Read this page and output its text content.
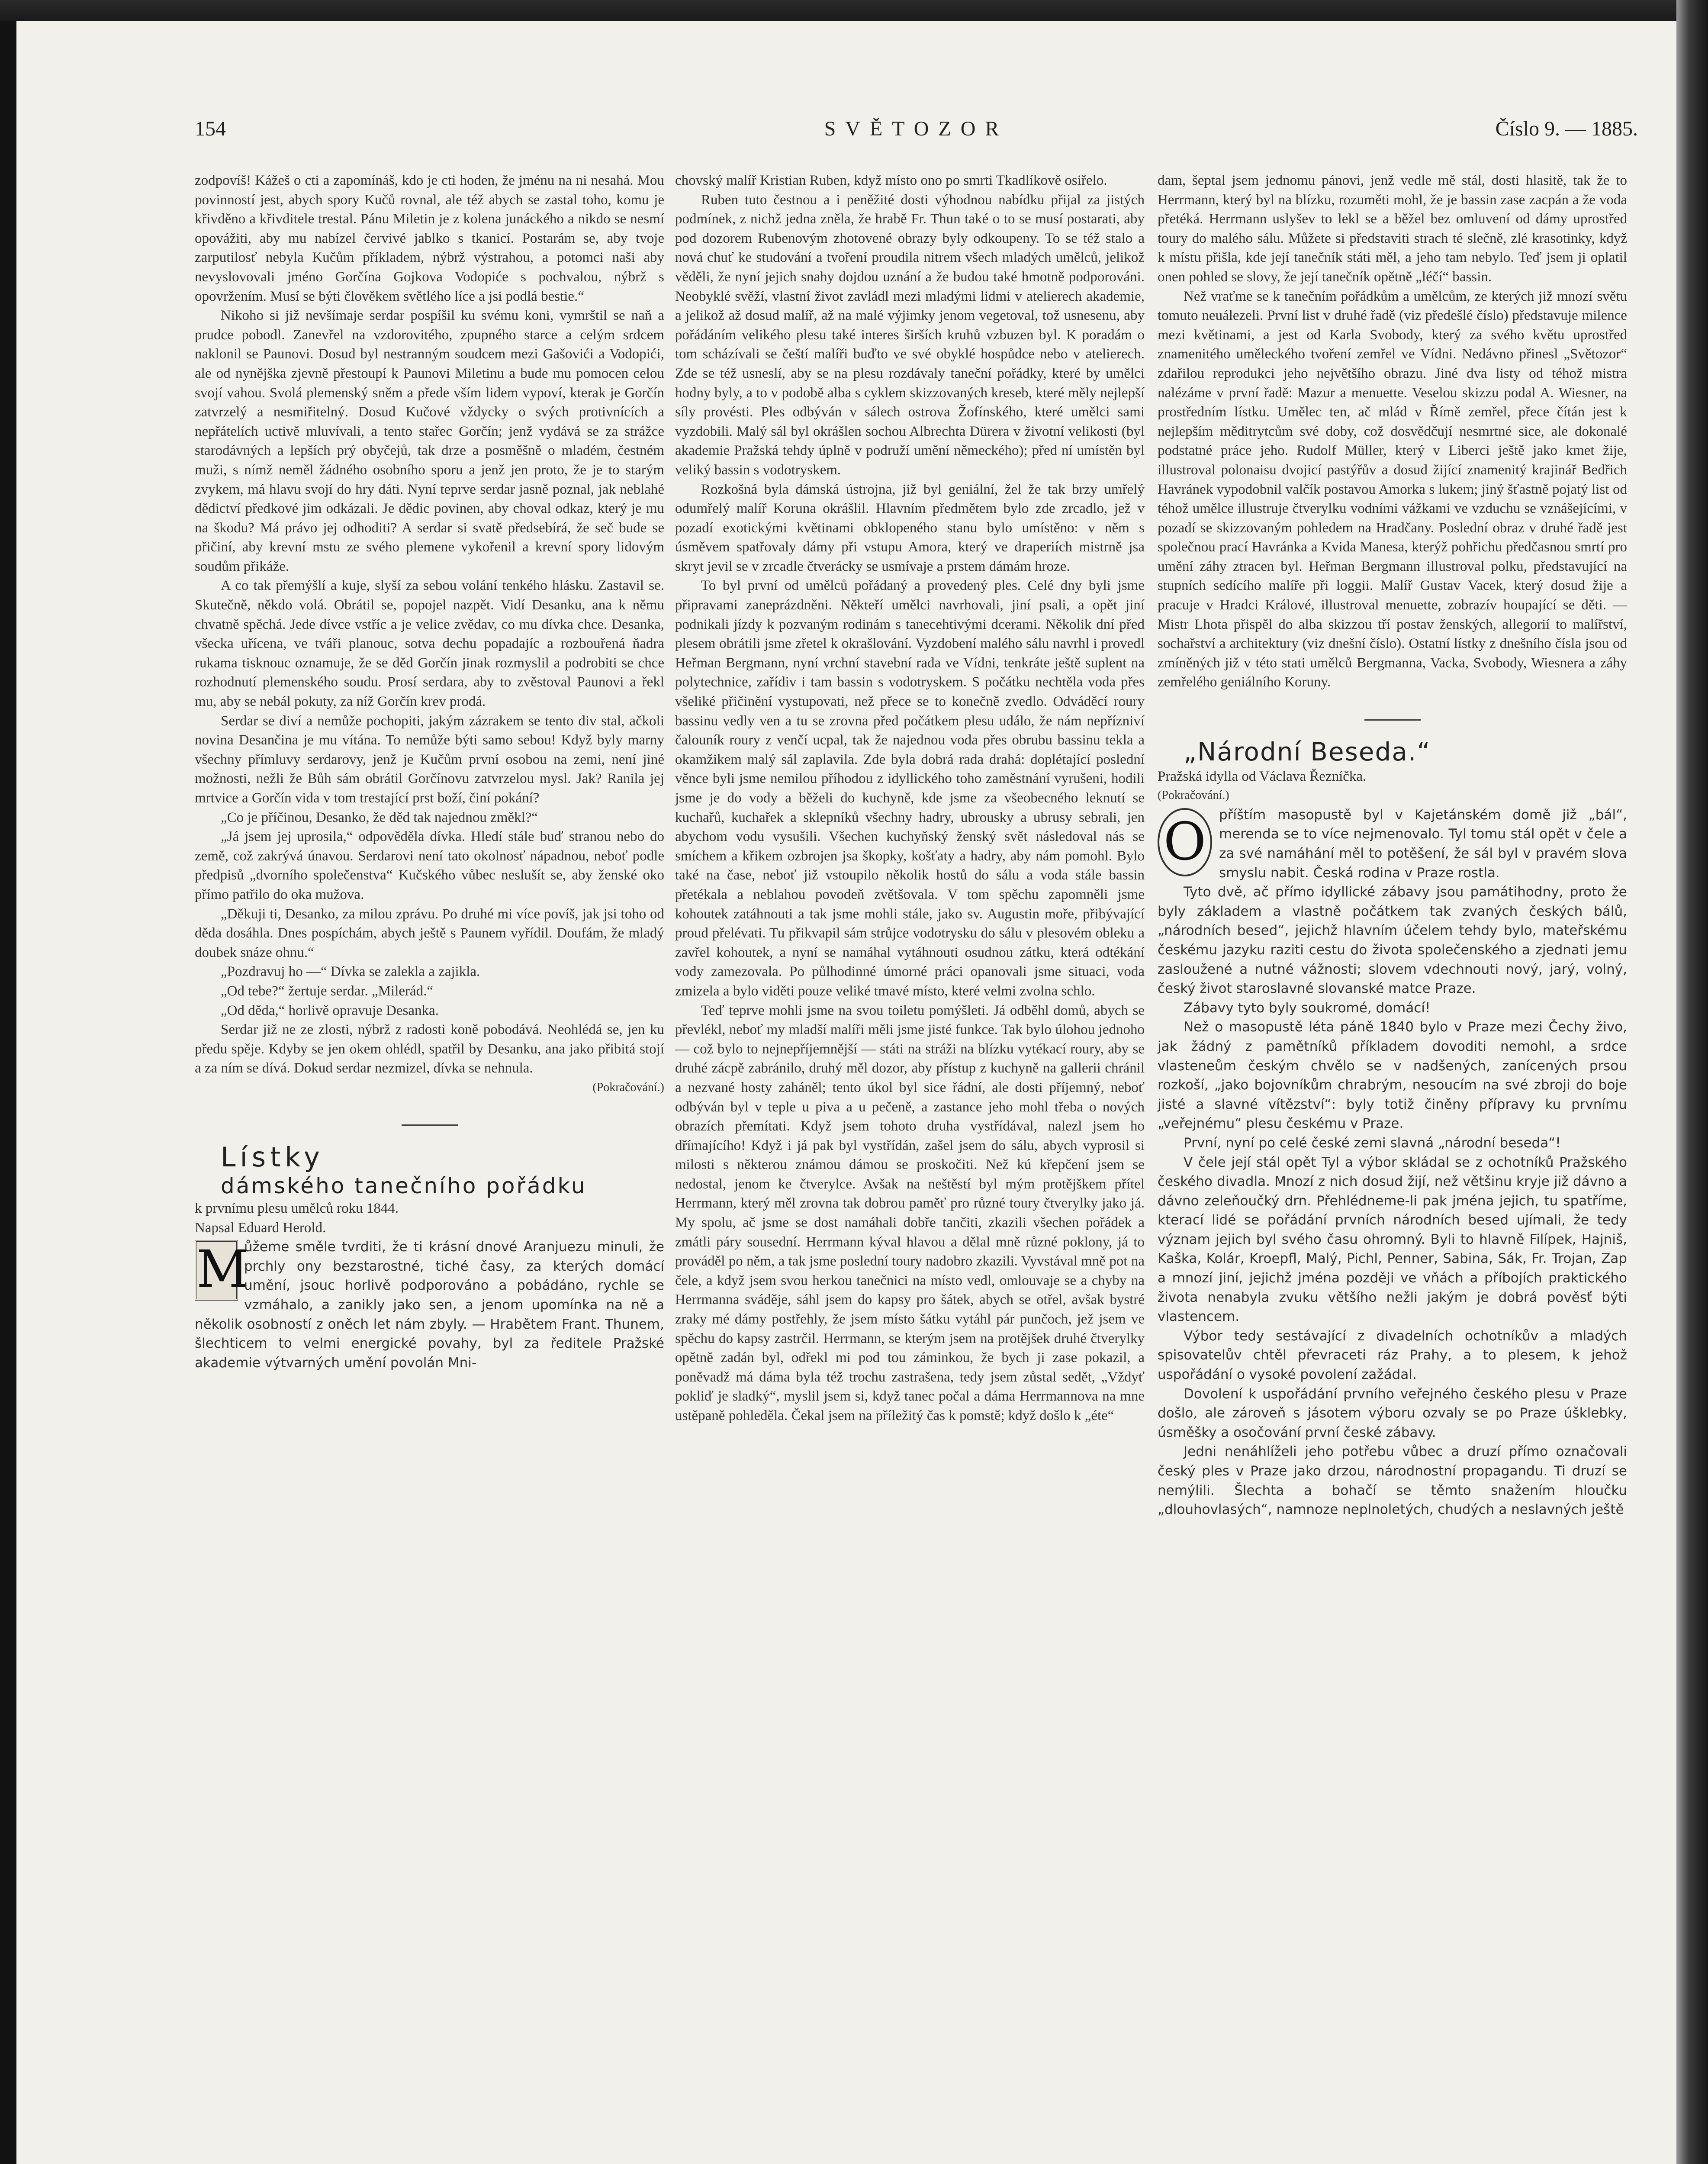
154	SVĚTOZOR	Číslo 9. — 1885.

zodpovíš! Kážeš o cti a zapomínáš, kdo je cti hoden, že jménu na ni nesahá. Mou povinností jest, abych spory Kučů rovnal, ale též abych se zastal toho, komu je křivděno a křivditele trestal. Pánu Miletin je z kolena junáckého a nikdo se nesmí opovážiti, aby mu nabízel červivé jablko s tkanicí. Postarám se, aby tvoje zarputilosť nebyla Kučům příkladem, nýbrž výstrahou, a potomci naši aby nevyslovovali jméno Gorčína Gojkova Vodopiće s pochvalou, nýbrž s opovržením. Musí se býti člověkem světlého líce a jsi podlá bestie.“

Nikoho si již nevšímaje serdar pospíšil ku svému koni, vymrštil se naň a prudce pobodl. Zanevřel na vzdorovitého, zpupného starce a celým srdcem naklonil se Paunovi. Dosud byl nestranným soudcem mezi Gašovići a Vodopići, ale od nynějška zjevně přestoupí k Paunovi Miletinu a bude mu pomocen celou svojí vahou. Svolá plemenský sněm a přede vším lidem vypoví, kterak je Gorčín zatvrzelý a nesmiřitelný. Dosud Kučové vždycky o svých protivnících a nepřátelích uctivě mluvívali, a tento stařec Gorčín; jenž vydává se za strážce starodávných a lepších prý obyčejů, tak drze a posměšně o mladém, čestném muži, s nímž neměl žádného osobního sporu a jenž jen proto, že je to starým zvykem, má hlavu svojí do hry dáti. Nyní teprve serdar jasně poznal, jak neblahé dědictví předkové jim odkázali. Je dědic povinen, aby choval odkaz, který je mu na škodu? Má právo jej odhoditi? A serdar si svatě předsebírá, že seč bude se přičiní, aby krevní mstu ze svého plemene vykořenil a krevní spory lidovým soudům přikáže.

A co tak přemýšlí a kuje, slyší za sebou volání tenkého hlásku. Zastavil se. Skutečně, někdo volá. Obrátil se, popojel nazpět. Vidí Desanku, ana k němu chvatně spěchá. Jede dívce vstříc a je velice zvědav, co mu dívka chce. Desanka, všecka uřícena, ve tváři planouc, sotva dechu popadajíc a rozbouřená ňadra rukama tisknouc oznamuje, že se děd Gorčín jinak rozmyslil a podrobiti se chce rozhodnutí plemenského soudu. Prosí serdara, aby to zvěstoval Paunovi a řekl mu, aby se nebál pokuty, za níž Gorčín krev prodá.

Serdar se diví a nemůže pochopiti, jakým zázrakem se tento div stal, ačkoli novina Desančina je mu vítána. To nemůže býti samo sebou! Když byly marny všechny přímluvy serdarovy, jenž je Kučům první osobou na zemi, není jiné možnosti, nežli že Bůh sám obrátil Gorčínovu zatvrzelou mysl. Jak? Ranila jej mrtvice a Gorčín vida v tom trestající prst boží, činí pokání?

„Co je příčinou, Desanko, že děd tak najednou změkl?“

„Já jsem jej uprosila,“ odpověděla dívka. Hledí stále buď stranou nebo do země, což zakrývá únavou. Serdarovi není tato okolnosť nápadnou, neboť podle předpisů „dvorního společenstva“ Kučského vůbec neslušít se, aby ženské oko přímo patřilo do oka mužova.

„Děkuji ti, Desanko, za milou zprávu. Po druhé mi více povíš, jak jsi toho od děda dosáhla. Dnes pospíchám, abych ještě s Paunem vyřídil. Doufám, že mladý doubek snáze ohnu.“

„Pozdravuj ho —“ Dívka se zalekla a zajikla.

„Od tebe?“ žertuje serdar. „Milerád.“

„Od děda,“ horlivě opravuje Desanka.

Serdar již ne ze zlosti, nýbrž z radosti koně pobodává. Neohlédá se, jen ku předu spěje. Kdyby se jen okem ohlédl, spatřil by Desanku, ana jako přibitá stojí a za ním se dívá. Dokud serdar nezmizel, dívka se nehnula.

(Pokračování.)

Lístky

dámského tanečního pořádku

k prvnímu plesu umělců roku 1844.

Napsal Eduard Herold.

M

ůžeme směle tvrditi, že ti krásní dnové Aranjuezu minuli, že prchly ony bezstarostné, tiché časy, za kterých domácí umění, jsouc horlivě podporováno a pobádáno, rychle se vzmáhalo, a zanikly jako sen, a jenom upomínka na ně a několik osobností z oněch let nám zbyly. — Hrabětem Frant. Thunem, šlechticem to velmi energické povahy, byl za ředitele Pražské akademie výtvarných umění povolán Mni-

chovský malíř Kristian Ruben, když místo ono po smrti Tkadlíkově osiřelo.

Ruben tuto čestnou a i peněžité dosti výhodnou nabídku přijal za jistých podmínek, z nichž jedna zněla, že hrabě Fr. Thun také o to se musí postarati, aby pod dozorem Rubenovým zhotovené obrazy byly odkoupeny. To se též stalo a nová chuť ke studování a tvoření proudila nitrem všech mladých umělců, jelikož věděli, že nyní jejich snahy dojdou uznání a že budou také hmotně podporováni. Neobyklé svěží, vlastní život zavládl mezi mladými lidmi v atelierech akademie, a jelikož až dosud malíř, až na malé výjimky jenom vegetoval, tož usnesenu, aby pořádáním velikého plesu také interes širších kruhů vzbuzen byl. K poradám o tom scházívali se čeští malíři buďto ve své obyklé hospůdce nebo v atelierech. Zde se též usneslí, aby se na plesu rozdávaly taneční pořádky, které by umělci hodny byly, a to v podobě alba s cyklem skizzovaných kreseb, které měly nejlepší síly provésti. Ples odbýván v sálech ostrova Žofínského, které umělci sami vyzdobili. Malý sál byl okrášlen sochou Albrechta Dürera v životní velikosti (byl akademie Pražská tehdy úplně v podruží umění německého); před ní umístěn byl veliký bassin s vodotryskem.

Rozkošná byla dámská ústrojna, již byl geniální, žel že tak brzy umřelý odumřelý malíř Koruna okrášlil. Hlavním předmětem bylo zde zrcadlo, jež v pozadí exotickými květinami obklopeného stanu bylo umístěno: v něm s úsměvem spatřovaly dámy při vstupu Amora, který ve draperiích mistrně jsa skryt jevil se v zrcadle čtverácky se usmívaje a prstem dámám hroze.

To byl první od umělců pořádaný a provedený ples. Celé dny byli jsme připravami zaneprázdněni. Někteří umělci navrhovali, jiní psali, a opět jiní podnikali jízdy k pozvaným rodinám s tanecehtivými dcerami. Několik dní před plesem obrátili jsme zřetel k okrašlování. Vyzdobení malého sálu navrhl i provedl Heřman Bergmann, nyní vrchní stavební rada ve Vídni, tenkráte ještě suplent na polytechnice, zařídiv i tam bassin s vodotryskem. S počátku nechtěla voda přes všeliké přičinění vystupovati, než přece se to konečně zvedlo. Odváděcí roury bassinu vedly ven a tu se zrovna před počátkem plesu událo, že nám nepřízniví čalouník roury z venčí ucpal, tak že najednou voda přes obrubu bassinu tekla a okamžikem malý sál zaplavila. Zde byla dobrá rada drahá: doplétající poslední věnce byli jsme nemilou příhodou z idyllického toho zaměstnání vyrušeni, hodili jsme je do vody a běželi do kuchyně, kde jsme za všeobecného leknutí se kuchařů, kuchařek a sklepníků všechny hadry, ubrousky a ubrusy sebrali, jen abychom vodu vysušili. Všechen kuchyňský ženský svět následoval nás se smíchem a křikem ozbrojen jsa škopky, košťaty a hadry, aby nám pomohl. Bylo také na čase, neboť již vstoupilo několik hostů do sálu a voda stále bassin přetékala a neblahou povodeň zvětšovala. V tom spěchu zapomněli jsme kohoutek zatáhnouti a tak jsme mohli stále, jako sv. Augustin moře, přibývající proud přelévati. Tu přikvapil sám strůjce vodotrysku do sálu v plesovém obleku a zavřel kohoutek, a nyní se namáhal vytáhnouti osudnou zátku, která odtékání vody zamezovala. Po půlhodinné úmorné práci opanovali jsme situaci, voda zmizela a bylo viděti pouze veliké tmavé místo, které velmi zvolna schlo.

Teď teprve mohli jsme na svou toiletu pomýšleti. Já odběhl domů, abych se převlékl, neboť my mladší malíři měli jsme jisté funkce. Tak bylo úlohou jednoho — což bylo to nejnepříjemnější — státi na stráži na blízku vytékací roury, aby se druhé zácpě zabránilo, druhý měl dozor, aby přístup z kuchyně na gallerii chránil a nezvané hosty zaháněl; tento úkol byl sice řádní, ale dosti příjemný, neboť odbýván byl v teple u piva a u pečeně, a zastance jeho mohl třeba o nových obrazích přemítati. Když jsem tohoto druha vystřídával, nalezl jsem ho dřímajícího! Když i já pak byl vystřídán, zašel jsem do sálu, abych vyprosil si milosti s některou známou dámou se proskočiti. Než kú křepčení jsem se nedostal, jenom ke čtverylce. Avšak na neštěstí byl mým protějškem přítel Herrmann, který měl zrovna tak dobrou paměť pro různé toury čtverylky jako já. My spolu, ač jsme se dost namáhali dobře tančiti, zkazili všechen pořádek a zmátli páry sousední. Herrmann kýval hlavou a dělal mně různé poklony, já to prováděl po něm, a tak jsme poslední toury nadobro zkazili. Vyvstával mně pot na čele, a když jsem svou herkou tanečnici na místo vedl, omlouvaje se a chyby na Herrmanna sváděje, sáhl jsem do kapsy pro šátek, abych se otřel, avšak bystré zraky mé dámy postřehly, že jsem místo šátku vytáhl pár punčoch, jež jsem ve spěchu do kapsy zastrčil. Herrmann, se kterým jsem na protějšek druhé čtverylky opětně zadán byl, odřekl mi pod tou záminkou, že bych ji zase pokazil, a poněvadž má dáma byla též trochu zastrašena, tedy jsem zůstal sedět, „Vždyť pokliď je sladký“, myslil jsem si, když tanec počal a dáma Herrmannova na mne ustěpaně pohleděla. Čekal jsem na příležitý čas k pomstě; když došlo k „éte“

dam, šeptal jsem jednomu pánovi, jenž vedle mě stál, dosti hlasitě, tak že to Herrmann, který byl na blízku, rozuměti mohl, že je bassin zase zacpán a že voda přetéká. Herrmann uslyšev to lekl se a běžel bez omluvení od dámy uprostřed toury do malého sálu. Můžete si představiti strach té slečně, zlé krasotinky, když k místu přišla, kde její tanečník státi měl, a jeho tam nebylo. Teď jsem ji oplatil onen pohled se slovy, že její tanečník opětně „léčí“ bassin.

Než vraťme se k tanečním pořádkům a umělcům, ze kterých již mnozí světu tomuto neuálezeli. První list v druhé řadě (viz předešlé číslo) představuje milence mezi květinami, a jest od Karla Svobody, který za svého květu uprostřed znamenitého uměleckého tvoření zemřel ve Vídni. Nedávno přinesl „Světozor“ zdařilou reprodukci jeho největšího obrazu. Jiné dva listy od téhož mistra nalézáme v první řadě: Mazur a menuette. Veselou skizzu podal A. Wiesner, na prostředním lístku. Umělec ten, ač mlád v Římě zemřel, přece čítán jest k nejlepším měditrytcům své doby, což dosvědčují nesmrtné sice, ale dokonalé podstatné práce jeho. Rudolf Müller, který v Liberci ještě jako kmet žije, illustroval polonaisu dvojicí pastýřův a dosud žijící znamenitý krajinář Bedřich Havránek vypodobnil valčík postavou Amorka s lukem; jiný šťastně pojatý list od téhož umělce illustruje čtverylku vodními vážkami ve vzduchu se vznášejícími, v pozadí se skizzovaným pohledem na Hradčany. Poslední obraz v druhé řadě jest společnou prací Havránka a Kvida Manesa, kterýž pohřichu předčasnou smrtí pro umění záhy ztracen byl. Heřman Bergmann illustroval polku, představující na stupních sedícího malíře při loggii. Malíř Gustav Vacek, který dosud žije a pracuje v Hradci Králové, illustroval menuette, zobrazív houpající se děti. — Mistr Lhota přispěl do alba skizzou tří postav ženských, allegorií to malířství, sochařství a architektury (viz dnešní číslo). Ostatní lístky z dnešního čísla jsou od zmíněných již v této stati umělců Bergmanna, Vacka, Svobody, Wiesnera a záhy zemřelého geniálního Koruny.

„Národní Beseda.“

Pražská idylla od Václava Řezníčka.

(Pokračování.)

O příštím masopustě byl v Kajetánském domě již „bál“, merenda se to více nejmenovalo. Tyl tomu stál opět v čele a za své namáhání měl to potěšení, že sál byl v pravém slova smyslu nabit. Česká rodina v Praze rostla.

Tyto dvě, ač přímo idyllické zábavy jsou památihodny, proto že byly základem a vlastně počátkem tak zvaných českých bálů, „národních besed“, jejichž hlavním účelem tehdy bylo, mateřskému českému jazyku raziti cestu do života společenského a zjednati jemu zasloužené a nutné vážnosti; slovem vdechnouti nový, jarý, volný, český život staroslavné slovanské matce Praze.

Zábavy tyto byly soukromé, domácí!

Než o masopustě léta páně 1840 bylo v Praze mezi Čechy živo, jak žádný z pamětníků příkladem dovoditi nemohl, a srdce vlasteneům českým chvělo se v nadšených, zanícených prsou rozkoší, „jako bojovníkům chrabrým, nesoucím na své zbroji do boje jisté a slavné vítězství“: byly totiž činěny přípravy ku prvnímu „veřejnému“ plesu českému v Praze.

První, nyní po celé české zemi slavná „národní beseda“!

V čele její stál opět Tyl a výbor skládal se z ochotníků Pražského českého divadla. Mnozí z nich dosud žijí, než většinu kryje již dávno a dávno zeleňoučký drn. Přehlédneme-li pak jména jejich, tu spatříme, kterací lidé se pořádání prvních národních besed ujímali, že tedy význam jejich byl svého času ohromný. Byli to hlavně Filípek, Hajniš, Kaška, Kolár, Kroepfl, Malý, Pichl, Penner, Sabina, Sák, Fr. Trojan, Zap a mnozí jiní, jejichž jména později ve vňách a příbojích praktického života nenabyla zvuku většího nežli jakým je dobrá pověsť býti vlastencem.

Výbor tedy sestávající z divadelních ochotníkův a mladých spisovatelův chtěl převraceti ráz Prahy, a to plesem, k jehož uspořádání o vysoké povolení zažádal.

Dovolení k uspořádání prvního veřejného českého plesu v Praze došlo, ale zároveň s jásotem výboru ozvaly se po Praze úšklebky, úsměšky a osočování první české zábavy.

Jedni nenáhlíželi jeho potřebu vůbec a druzí přímo označovali český ples v Praze jako drzou, národnostní propagandu. Ti druzí se nemýlili. Šlechta a bohačí se těmto snažením hloučku „dlouhovlasých“, namnoze neplnoletých, chudých a neslavných ještě
